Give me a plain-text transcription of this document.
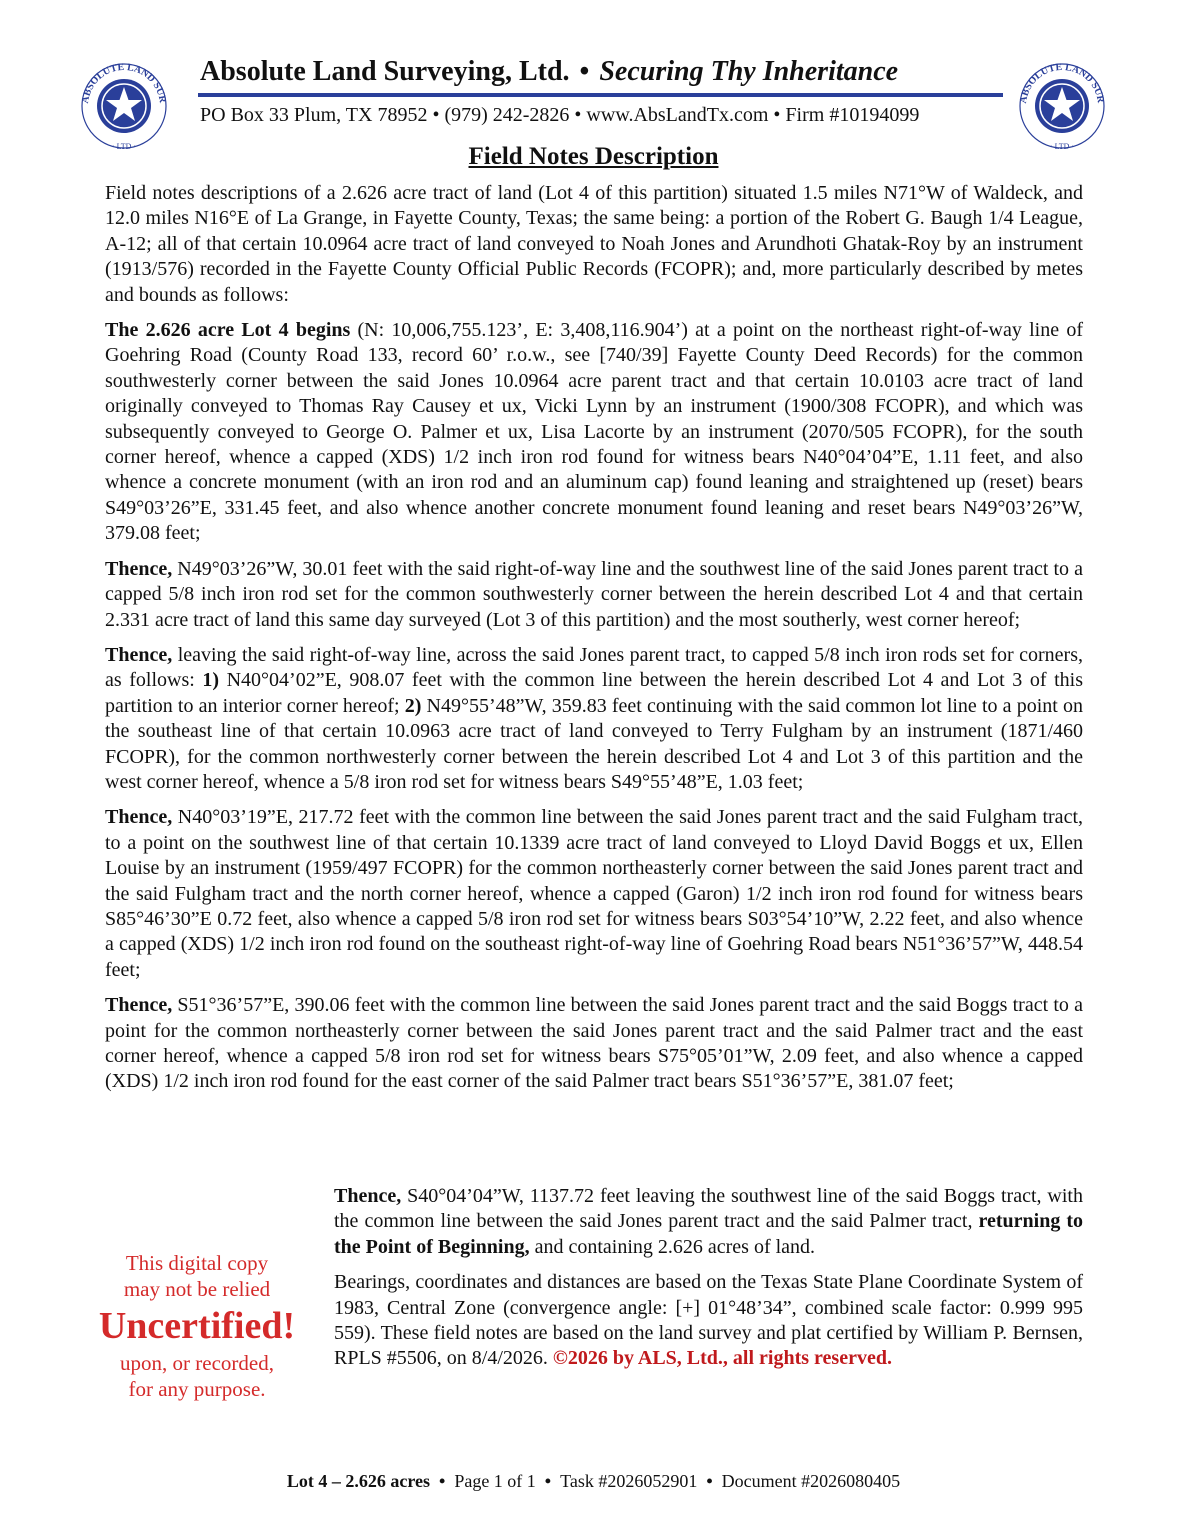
ABSOLUTE LAND SUR
· LTD ·
ABSOLUTE LAND SUR
· LTD ·
Absolute Land Surveying, Ltd. • Securing Thy Inheritance
PO Box 33 Plum, TX 78952 • (979) 242-2826 • www.AbsLandTx.com • Firm #10194099
Field Notes Description

Field notes descriptions of a 2.626 acre tract of land (Lot 4 of this partition) situated 1.5 miles N71°W of Waldeck, and 12.0 miles N16°E of La Grange, in Fayette County, Texas; the same being: a portion of the Robert G. Baugh 1/4 League, A-12; all of that certain 10.0964 acre tract of land conveyed to Noah Jones and Arundhoti Ghatak-Roy by an instrument (1913/576) recorded in the Fayette County Official Public Records (FCOPR); and, more particularly described by metes and bounds as follows:

The 2.626 acre Lot 4 begins (N: 10,006,755.123’, E: 3,408,116.904’) at a point on the northeast right-of-way line of Goehring Road (County Road 133, record 60’ r.o.w., see [740/39] Fayette County Deed Records) for the common southwesterly corner between the said Jones 10.0964 acre parent tract and that certain 10.0103 acre tract of land originally conveyed to Thomas Ray Causey et ux, Vicki Lynn by an instrument (1900/308 FCOPR), and which was subsequently conveyed to George O. Palmer et ux, Lisa Lacorte by an instrument (2070/505 FCOPR), for the south corner hereof, whence a capped (XDS) 1/2 inch iron rod found for witness bears N40°04’04”E, 1.11 feet, and also whence a concrete monument (with an iron rod and an aluminum cap) found leaning and straightened up (reset) bears S49°03’26”E, 331.45 feet, and also whence another concrete monument found leaning and reset bears N49°03’26”W, 379.08 feet;

Thence, N49°03’26”W, 30.01 feet with the said right-of-way line and the southwest line of the said Jones parent tract to a capped 5/8 inch iron rod set for the common southwesterly corner between the herein described Lot 4 and that certain 2.331 acre tract of land this same day surveyed (Lot 3 of this partition) and the most southerly, west corner hereof;

Thence, leaving the said right-of-way line, across the said Jones parent tract, to capped 5/8 inch iron rods set for corners, as follows: 1) N40°04’02”E, 908.07 feet with the common line between the herein described Lot 4 and Lot 3 of this partition to an interior corner hereof; 2) N49°55’48”W, 359.83 feet continuing with the said common lot line to a point on the southeast line of that certain 10.0963 acre tract of land conveyed to Terry Fulgham by an instrument (1871/460 FCOPR), for the common northwesterly corner between the herein described Lot 4 and Lot 3 of this partition and the west corner hereof, whence a 5/8 iron rod set for witness bears S49°55’48”E, 1.03 feet;

Thence, N40°03’19”E, 217.72 feet with the common line between the said Jones parent tract and the said Fulgham tract, to a point on the southwest line of that certain 10.1339 acre tract of land conveyed to Lloyd David Boggs et ux, Ellen Louise by an instrument (1959/497 FCOPR) for the common northeasterly corner between the said Jones parent tract and the said Fulgham tract and the north corner hereof, whence a capped (Garon) 1/2 inch iron rod found for witness bears S85°46’30”E 0.72 feet, also whence a capped 5/8 iron rod set for witness bears S03°54’10”W, 2.22 feet, and also whence a capped (XDS) 1/2 inch iron rod found on the southeast right-of-way line of Goehring Road bears N51°36’57”W, 448.54 feet;

Thence, S51°36’57”E, 390.06 feet with the common line between the said Jones parent tract and the said Boggs tract to a point for the common northeasterly corner between the said Jones parent tract and the said Palmer tract and the east corner hereof, whence a capped 5/8 iron rod set for witness bears S75°05’01”W, 2.09 feet, and also whence a capped (XDS) 1/2 inch iron rod found for the east corner of the said Palmer tract bears S51°36’57”E, 381.07 feet;

Thence, S40°04’04”W, 1137.72 feet leaving the southwest line of the said Boggs tract, with the common line between the said Jones parent tract and the said Palmer tract, returning to the Point of Beginning, and containing 2.626 acres of land.

Bearings, coordinates and distances are based on the Texas State Plane Coordinate System of 1983, Central Zone (convergence angle: [+] 01°48’34”, combined scale factor: 0.999 995 559). These field notes are based on the land survey and plat certified by William P. Bernsen, RPLS #5506, on 8/4/2026. ©2026 by ALS, Ltd., all rights reserved.

This digital copy
may not be relied
Uncertified!
upon, or recorded,
for any purpose.
Lot 4 – 2.626 acres • Page 1 of 1 • Task #2026052901 • Document #2026080405
